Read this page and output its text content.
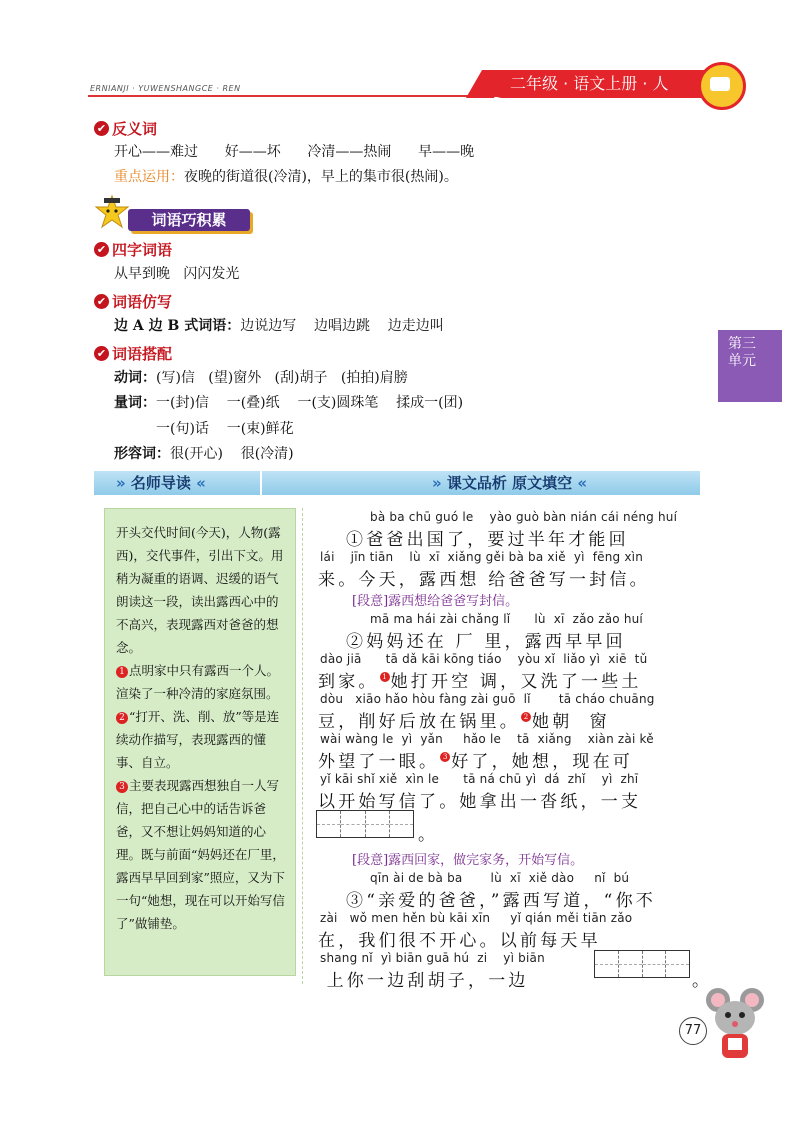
ERNIANJI · YUWENSHANGCE · REN	二年级 · 语文上册 · 人
✔ 反义词
开心——难过      好——坏      冷清——热闹      早——晚
重点运用：夜晚的街道很(冷清)，早上的集市很(热闹)。
词语巧积累
✔ 四字词语
从早到晚   闪闪发光
✔ 词语仿写
边 A 边 B 式词语：边说边写    边唱边跳    边走边叫
✔ 词语搭配
动词：(写)信   (望)窗外   (刮)胡子   (拍拍)肩膀
量词：一(封)信    一(叠)纸    一(支)圆珠笔    揉成一(团)
一(句)话    一(束)鲜花
形容词：很(开心)    很(冷清)
第三
单元
» 名师导读 «	» 课文品析 原文填空 «

开头交代时间(今天)，人物(露西)，交代事件，引出下文。用稍为凝重的语调、迟缓的语气朗读这一段，读出露西心中的不高兴，表现露西对爸爸的想念。

1 点明家中只有露西一个人。渲染了一种冷清的家庭氛围。

2 “打开、洗、削、放”等是连续动作描写，表现露西的懂事、自立。

3 主要表现露西想独自一人写信，把自己心中的话告诉爸爸，又不想让妈妈知道的心理。既与前面“妈妈还在厂里，露西早早回到家”照应，又为下一句“她想，现在可以开始写信了”做铺垫。

bà ba chū guó le    yào guò bàn nián cái néng huí
①爸爸出国了，要过半年才能回
lái    jīn tiān    lù  xī  xiǎng gěi bà ba xiě  yì  fēng xìn
来。今天，露西想 给爸爸写一封信。
[段意]露西想给爸爸写封信。
mā ma hái zài chǎng lǐ      lù  xī  zǎo zǎo huí
②妈妈还在 厂 里，露西早早回
dào jiā      tā dǎ kāi kōng tiáo    yòu xǐ  liǎo yì  xiē  tǔ
到家。 1 她打开空 调，又洗了一些土
dòu   xiāo hǎo hòu fàng zài guō  lǐ       tā cháo chuāng
豆，削好后放在锅里。 2 她朝  窗
wài wàng le  yì  yǎn     hǎo le    tā  xiǎng    xiàn zài kě
外望了一眼。 3 好了，她想，现在可
yǐ kāi shǐ xiě  xìn le      tā ná chū yì  dá  zhǐ    yì  zhī
以开始写信了。她拿出一沓纸，一支
。
[段意]露西回家，做完家务，开始写信。
qīn ài de bà ba       lù  xī  xiě dào     nǐ  bú
③“亲爱的爸爸，”露西写道，“你不
zài   wǒ men hěn bù kāi xīn     yǐ qián měi tiān zǎo
在，我们很不开心。以前每天早
shang nǐ  yì biān guā hú  zi    yì biān
上你一边刮胡子，一边	。
77
